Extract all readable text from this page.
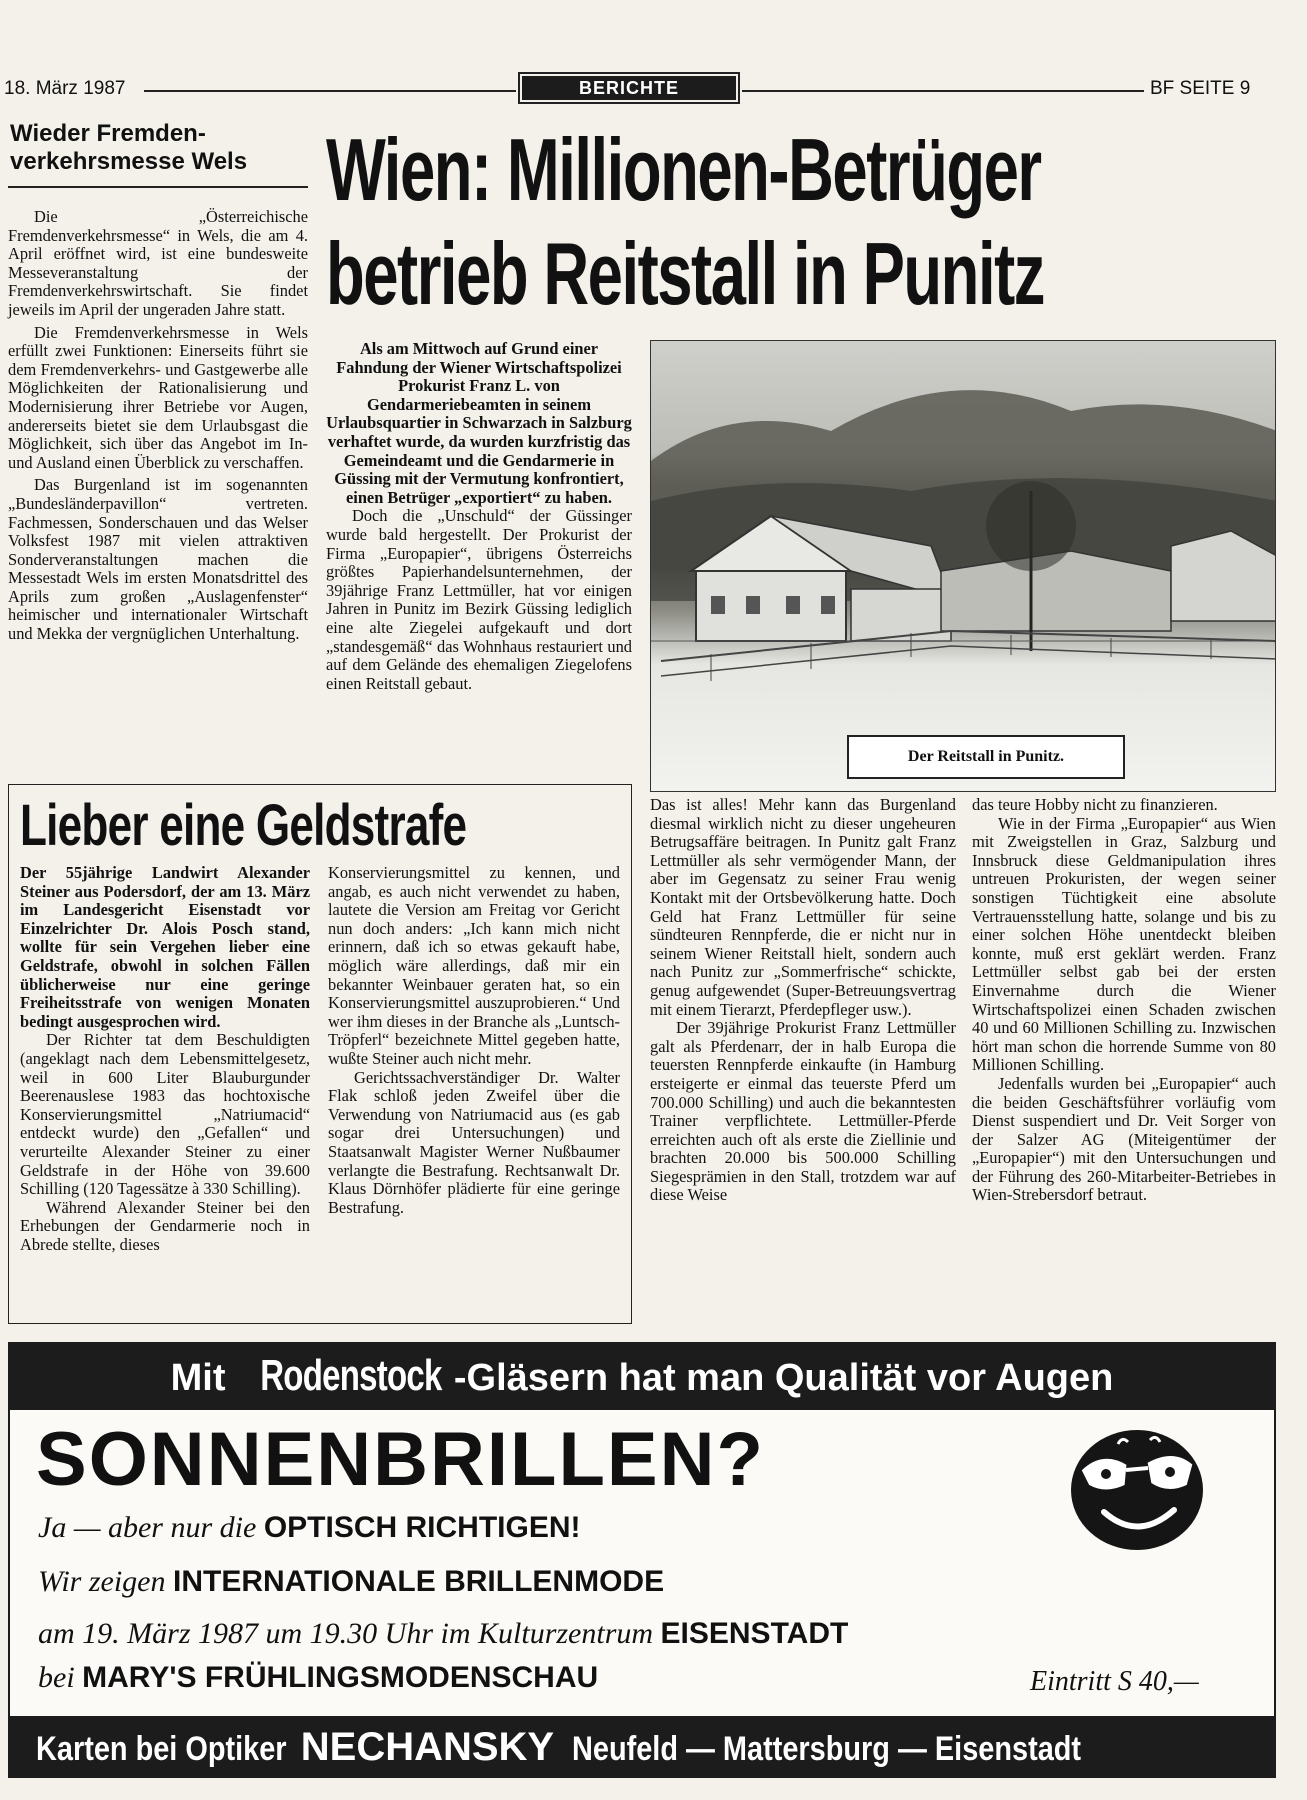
18. März 1987	BERICHTE	BF SEITE 9
Wieder Fremden-
verkehrsmesse Wels

Die „Österreichische Fremdenverkehrsmesse“ in Wels, die am 4. April eröffnet wird, ist eine bundesweite Messeveranstaltung der Fremdenverkehrswirtschaft. Sie findet jeweils im April der ungeraden Jahre statt.

Die Fremdenverkehrsmesse in Wels erfüllt zwei Funktionen: Einerseits führt sie dem Fremdenverkehrs- und Gastgewerbe alle Möglichkeiten der Rationalisierung und Modernisierung ihrer Betriebe vor Augen, andererseits bietet sie dem Urlaubsgast die Möglichkeit, sich über das Angebot im In- und Ausland einen Überblick zu verschaffen.

Das Burgenland ist im sogenannten „Bundesländerpavillon“ vertreten. Fachmessen, Sonderschauen und das Welser Volksfest 1987 mit vielen attraktiven Sonderveranstaltungen machen die Messestadt Wels im ersten Monatsdrittel des Aprils zum großen „Auslagenfenster“ heimischer und internationaler Wirtschaft und Mekka der vergnüglichen Unterhaltung.

Wien: Millionen-Betrüger
betrieb Reitstall in Punitz

Als am Mittwoch auf Grund einer Fahndung der Wiener Wirtschaftspolizei Prokurist Franz L. von Gendarmeriebeamten in seinem Urlaubsquartier in Schwarzach in Salzburg verhaftet wurde, da wurden kurzfristig das Gemeindeamt und die Gendarmerie in Güssing mit der Vermutung konfrontiert, einen Betrüger „exportiert“ zu haben.

Doch die „Unschuld“ der Güssinger wurde bald hergestellt. Der Prokurist der Firma „Europapier“, übrigens Österreichs größtes Papierhandelsunternehmen, der 39jährige Franz Lettmüller, hat vor einigen Jahren in Punitz im Bezirk Güssing lediglich eine alte Ziegelei aufgekauft und dort „standesgemäß“ das Wohnhaus restauriert und auf dem Gelände des ehemaligen Ziegelofens einen Reitstall gebaut.

Der Reitstall in Punitz.

Das ist alles! Mehr kann das Burgenland diesmal wirklich nicht zu dieser ungeheuren Betrugsaffäre beitragen. In Punitz galt Franz Lettmüller als sehr vermögender Mann, der aber im Gegensatz zu seiner Frau wenig Kontakt mit der Ortsbevölkerung hatte. Doch Geld hat Franz Lettmüller für seine sündteuren Rennpferde, die er nicht nur in seinem Wiener Reitstall hielt, sondern auch nach Punitz zur „Sommerfrische“ schickte, genug aufgewendet (Super-Betreuungsvertrag mit einem Tierarzt, Pferdepfleger usw.).

Der 39jährige Prokurist Franz Lettmüller galt als Pferdenarr, der in halb Europa die teuersten Rennpferde einkaufte (in Hamburg ersteigerte er einmal das teuerste Pferd um 700.000 Schilling) und auch die bekanntesten Trainer verpflichtete. Lettmüller-Pferde erreichten auch oft als erste die Ziellinie und brachten 20.000 bis 500.000 Schilling Siegesprämien in den Stall, trotzdem war auf diese Weise

das teure Hobby nicht zu finanzieren.

Wie in der Firma „Europapier“ aus Wien mit Zweigstellen in Graz, Salzburg und Innsbruck diese Geldmanipulation ihres untreuen Prokuristen, der wegen seiner sonstigen Tüchtigkeit eine absolute Vertrauensstellung hatte, solange und bis zu einer solchen Höhe unentdeckt bleiben konnte, muß erst geklärt werden. Franz Lettmüller selbst gab bei der ersten Einvernahme durch die Wiener Wirtschaftspolizei einen Schaden zwischen 40 und 60 Millionen Schilling zu. Inzwischen hört man schon die horrende Summe von 80 Millionen Schilling.

Jedenfalls wurden bei „Europapier“ auch die beiden Geschäftsführer vorläufig vom Dienst suspendiert und Dr. Veit Sorger von der Salzer AG (Miteigentümer der „Europapier“) mit den Untersuchungen und der Führung des 260-Mitarbeiter-Betriebes in Wien-Strebersdorf betraut.

Lieber eine Geldstrafe

Der 55jährige Landwirt Alexander Steiner aus Podersdorf, der am 13. März im Landesgericht Eisenstadt vor Einzelrichter Dr. Alois Posch stand, wollte für sein Vergehen lieber eine Geldstrafe, obwohl in solchen Fällen üblicherweise nur eine geringe Freiheitsstrafe von wenigen Monaten bedingt ausgesprochen wird.

Der Richter tat dem Beschuldigten (angeklagt nach dem Lebensmittelgesetz, weil in 600 Liter Blauburgunder Beerenauslese 1983 das hochtoxische Konservierungsmittel „Natriumacid“ entdeckt wurde) den „Gefallen“ und verurteilte Alexander Steiner zu einer Geldstrafe in der Höhe von 39.600 Schilling (120 Tagessätze à 330 Schilling).

Während Alexander Steiner bei den Erhebungen der Gendarmerie noch in Abrede stellte, dieses

Konservierungsmittel zu kennen, und angab, es auch nicht verwendet zu haben, lautete die Version am Freitag vor Gericht nun doch anders: „Ich kann mich nicht erinnern, daß ich so etwas gekauft habe, möglich wäre allerdings, daß mir ein bekannter Weinbauer geraten hat, so ein Konservierungsmittel auszuprobieren.“ Und wer ihm dieses in der Branche als „Luntsch-Tröpferl“ bezeichnete Mittel gegeben hatte, wußte Steiner auch nicht mehr.

Gerichtssachverständiger Dr. Walter Flak schloß jeden Zweifel über die Verwendung von Natriumacid aus (es gab sogar drei Untersuchungen) und Staatsanwalt Magister Werner Nußbaumer verlangte die Bestrafung. Rechtsanwalt Dr. Klaus Dörnhöfer plädierte für eine geringe Bestrafung.

Mit Rodenstock -Gläsern hat man Qualität vor Augen
SONNENBRILLEN?
Ja — aber nur die OPTISCH RICHTIGEN!
Wir zeigen INTERNATIONALE BRILLENMODE
am 19. März 1987 um 19.30 Uhr im Kulturzentrum EISENSTADT
bei MARY'S FRÜHLINGSMODENSCHAU	Eintritt S 40,—
Karten bei Optiker NECHANSKY Neufeld — Mattersburg — Eisenstadt
